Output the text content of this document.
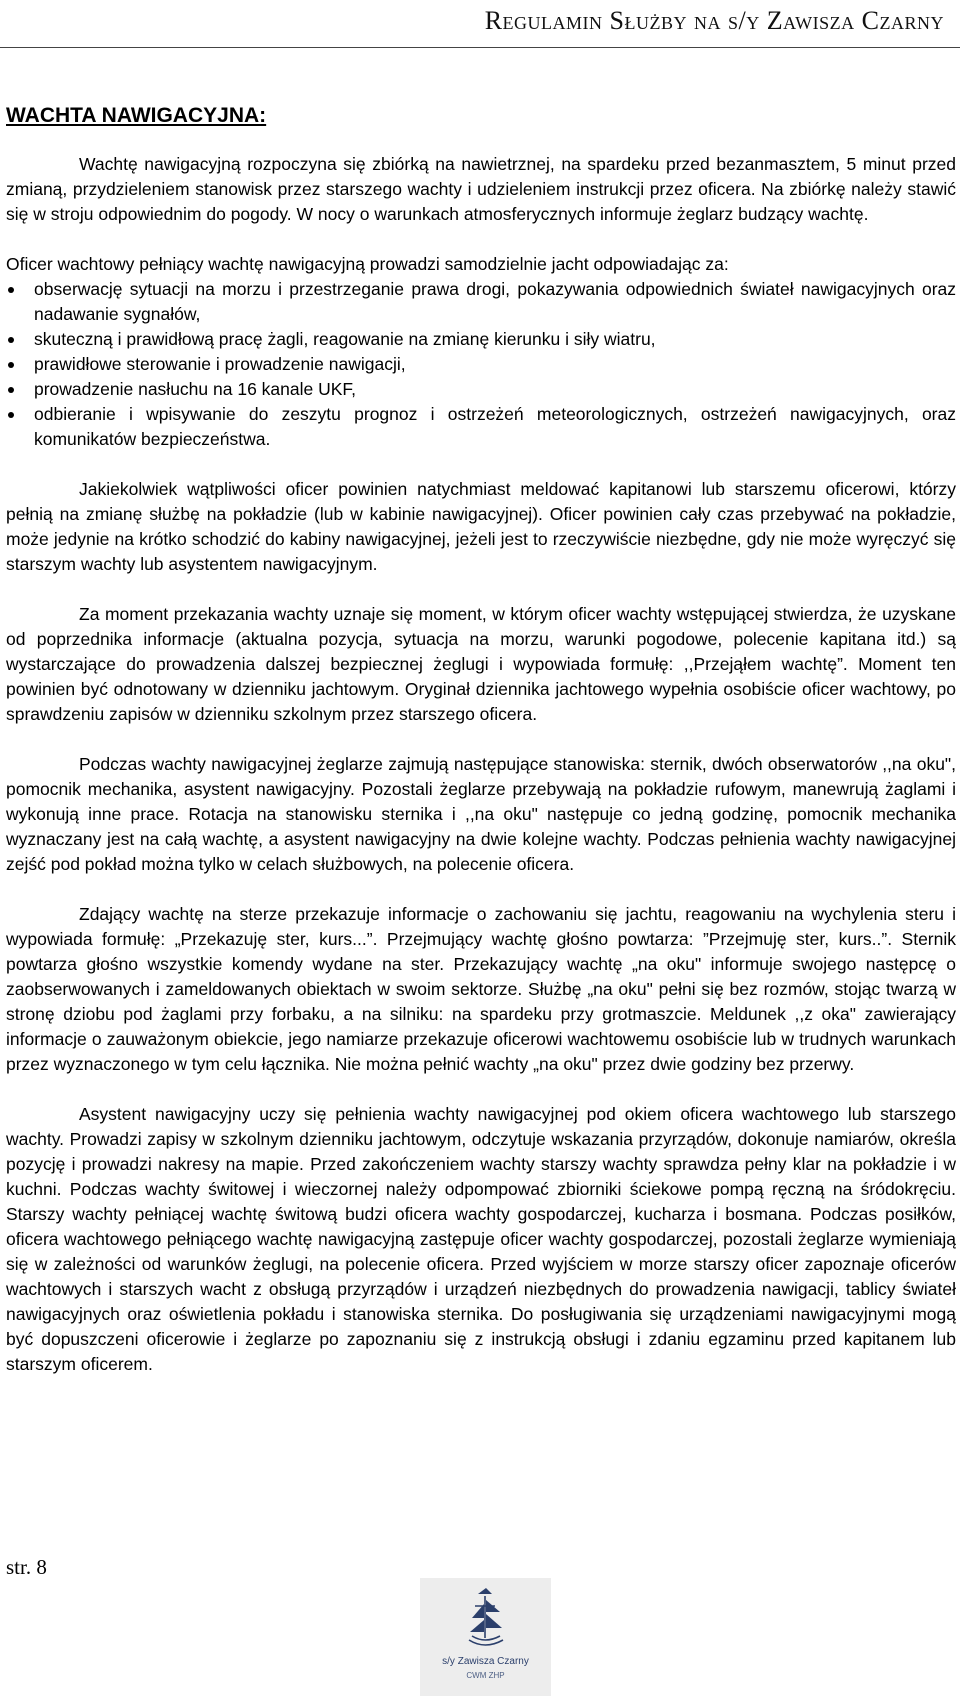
Regulamin Służby na s/y Zawisza Czarny
WACHTA NAWIGACYJNA:

Wachtę nawigacyjną rozpoczyna się zbiórką na nawietrznej, na spardeku przed bezanmasztem, 5 minut przed zmianą, przydzieleniem stanowisk przez starszego wachty i udzieleniem instrukcji przez oficera. Na zbiórkę należy stawić się w stroju odpowiednim do pogody. W nocy o warunkach atmosferycznych informuje żeglarz budzący wachtę.

Oficer wachtowy pełniący wachtę nawigacyjną prowadzi samodzielnie jacht odpowiadając za:

obserwację sytuacji na morzu i przestrzeganie prawa drogi, pokazywania odpowiednich świateł nawigacyjnych oraz nadawanie sygnałów,
skuteczną i prawidłową pracę żagli, reagowanie na zmianę kierunku i siły wiatru,
prawidłowe sterowanie i prowadzenie nawigacji,
prowadzenie nasłuchu na 16 kanale UKF,
odbieranie i wpisywanie do zeszytu prognoz i ostrzeżeń meteorologicznych, ostrzeżeń nawigacyjnych, oraz komunikatów bezpieczeństwa.

Jakiekolwiek wątpliwości oficer powinien natychmiast meldować kapitanowi lub starszemu oficerowi, którzy pełnią na zmianę służbę na pokładzie (lub w kabinie nawigacyjnej). Oficer powinien cały czas przebywać na pokładzie, może jedynie na krótko schodzić do kabiny nawigacyjnej, jeżeli jest to rzeczywiście niezbędne, gdy nie może wyręczyć się starszym wachty lub asystentem nawigacyjnym.

Za moment przekazania wachty uznaje się moment, w którym oficer wachty wstępującej stwierdza, że uzyskane od poprzednika informacje (aktualna pozycja, sytuacja na morzu, warunki pogodowe, polecenie kapitana itd.) są wystarczające do prowadzenia dalszej bezpiecznej żeglugi i wypowiada formułę: ,,Przejąłem wachtę”. Moment ten powinien być odnotowany w dzienniku jachtowym. Oryginał dziennika jachtowego wypełnia osobiście oficer wachtowy, po sprawdzeniu zapisów w dzienniku szkolnym przez starszego oficera.

Podczas wachty nawigacyjnej żeglarze zajmują następujące stanowiska: sternik, dwóch obserwatorów ,,na oku", pomocnik mechanika, asystent nawigacyjny. Pozostali żeglarze przebywają na pokładzie rufowym, manewrują żaglami i wykonują inne prace. Rotacja na stanowisku sternika i ,,na oku" następuje co jedną godzinę, pomocnik mechanika wyznaczany jest na całą wachtę, a asystent nawigacyjny na dwie kolejne wachty. Podczas pełnienia wachty nawigacyjnej zejść pod pokład można tylko w celach służbowych, na polecenie oficera.

Zdający wachtę na sterze przekazuje informacje o zachowaniu się jachtu, reagowaniu na wychylenia steru i wypowiada formułę: „Przekazuję ster, kurs...”. Przejmujący wachtę głośno powtarza: ”Przejmuję ster, kurs..”. Sternik powtarza głośno wszystkie komendy wydane na ster. Przekazujący wachtę „na oku" informuje swojego następcę o zaobserwowanych i zameldowanych obiektach w swoim sektorze. Służbę „na oku" pełni się bez rozmów, stojąc twarzą w stronę dziobu pod żaglami przy forbaku, a na silniku: na spardeku przy grotmaszcie. Meldunek ,,z oka" zawierający informacje o zauważonym obiekcie, jego namiarze przekazuje oficerowi wachtowemu osobiście lub w trudnych warunkach przez wyznaczonego w tym celu łącznika. Nie można pełnić wachty „na oku" przez dwie godziny bez przerwy.

Asystent nawigacyjny uczy się pełnienia wachty nawigacyjnej pod okiem oficera wachtowego lub starszego wachty. Prowadzi zapisy w szkolnym dzienniku jachtowym, odczytuje wskazania przyrządów, dokonuje namiarów, określa pozycję i prowadzi nakresy na mapie. Przed zakończeniem wachty starszy wachty sprawdza pełny klar na pokładzie i w kuchni. Podczas wachty świtowej i wieczornej należy odpompować zbiorniki ściekowe pompą ręczną na śródokręciu. Starszy wachty pełniącej wachtę świtową budzi oficera wachty gospodarczej, kucharza i bosmana. Podczas posiłków, oficera wachtowego pełniącego wachtę nawigacyjną zastępuje oficer wachty gospodarczej, pozostali żeglarze wymieniają się w zależności od warunków żeglugi, na polecenie oficera. Przed wyjściem w morze starszy oficer zapoznaje oficerów wachtowych i starszych wacht z obsługą przyrządów i urządzeń niezbędnych do prowadzenia nawigacji, tablicy świateł nawigacyjnych oraz oświetlenia pokładu i stanowiska sternika. Do posługiwania się urządzeniami nawigacyjnymi mogą być dopuszczeni oficerowie i żeglarze po zapoznaniu się z instrukcją obsługi i zdaniu egzaminu przed kapitanem lub starszym oficerem.

str. 8
s/y Zawisza Czarny
CWM ZHP
